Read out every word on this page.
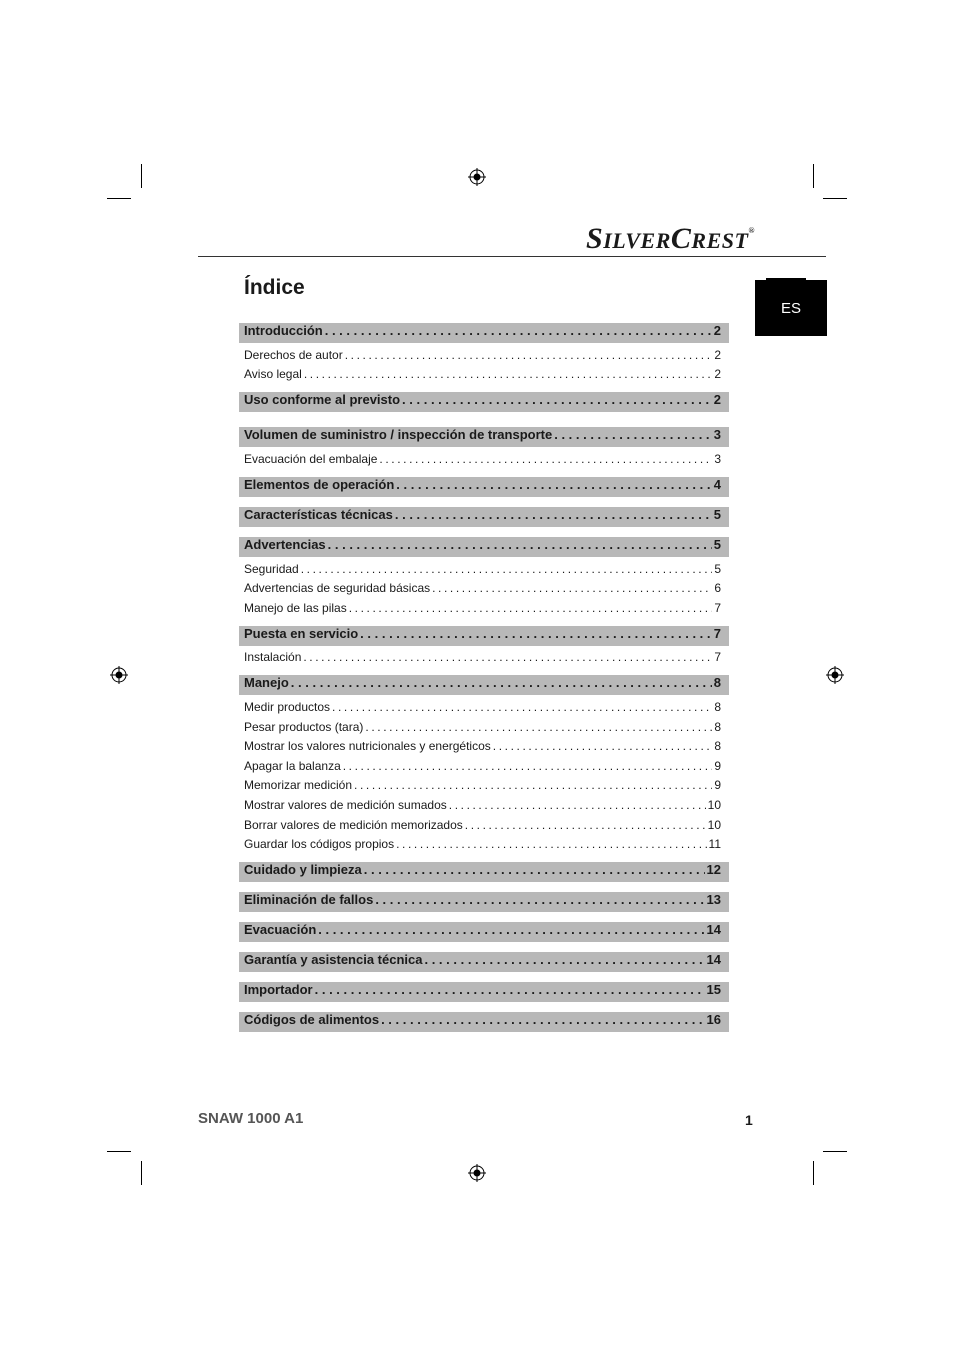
SILVERCREST®
ES
Índice
Introducción . . .	2
Derechos de autor .....	2
Aviso legal .....	2
Uso conforme al previsto . . .	2
Volumen de suministro / inspección de transporte . . .	3
Evacuación del embalaje .....	3
Elementos de operación . . .	4
Características técnicas . . .	5
Advertencias . . .	5
Seguridad .....	5
Advertencias de seguridad básicas .....	6
Manejo de las pilas .....	7
Puesta en servicio . . .	7
Instalación .....	7
Manejo . . .	8
Medir productos .....	8
Pesar productos (tara) .....	8
Mostrar los valores nutricionales y energéticos .....	8
Apagar la balanza .....	9
Memorizar medición .....	9
Mostrar valores de medición sumados .....	10
Borrar valores de medición memorizados .....	10
Guardar los códigos propios .....	11
Cuidado y limpieza . . .	12
Eliminación de fallos . . .	13
Evacuación . . .	14
Garantía y asistencia técnica . . .	14
Importador . . .	15
Códigos de alimentos . . .	16
SNAW 1000 A1	1
